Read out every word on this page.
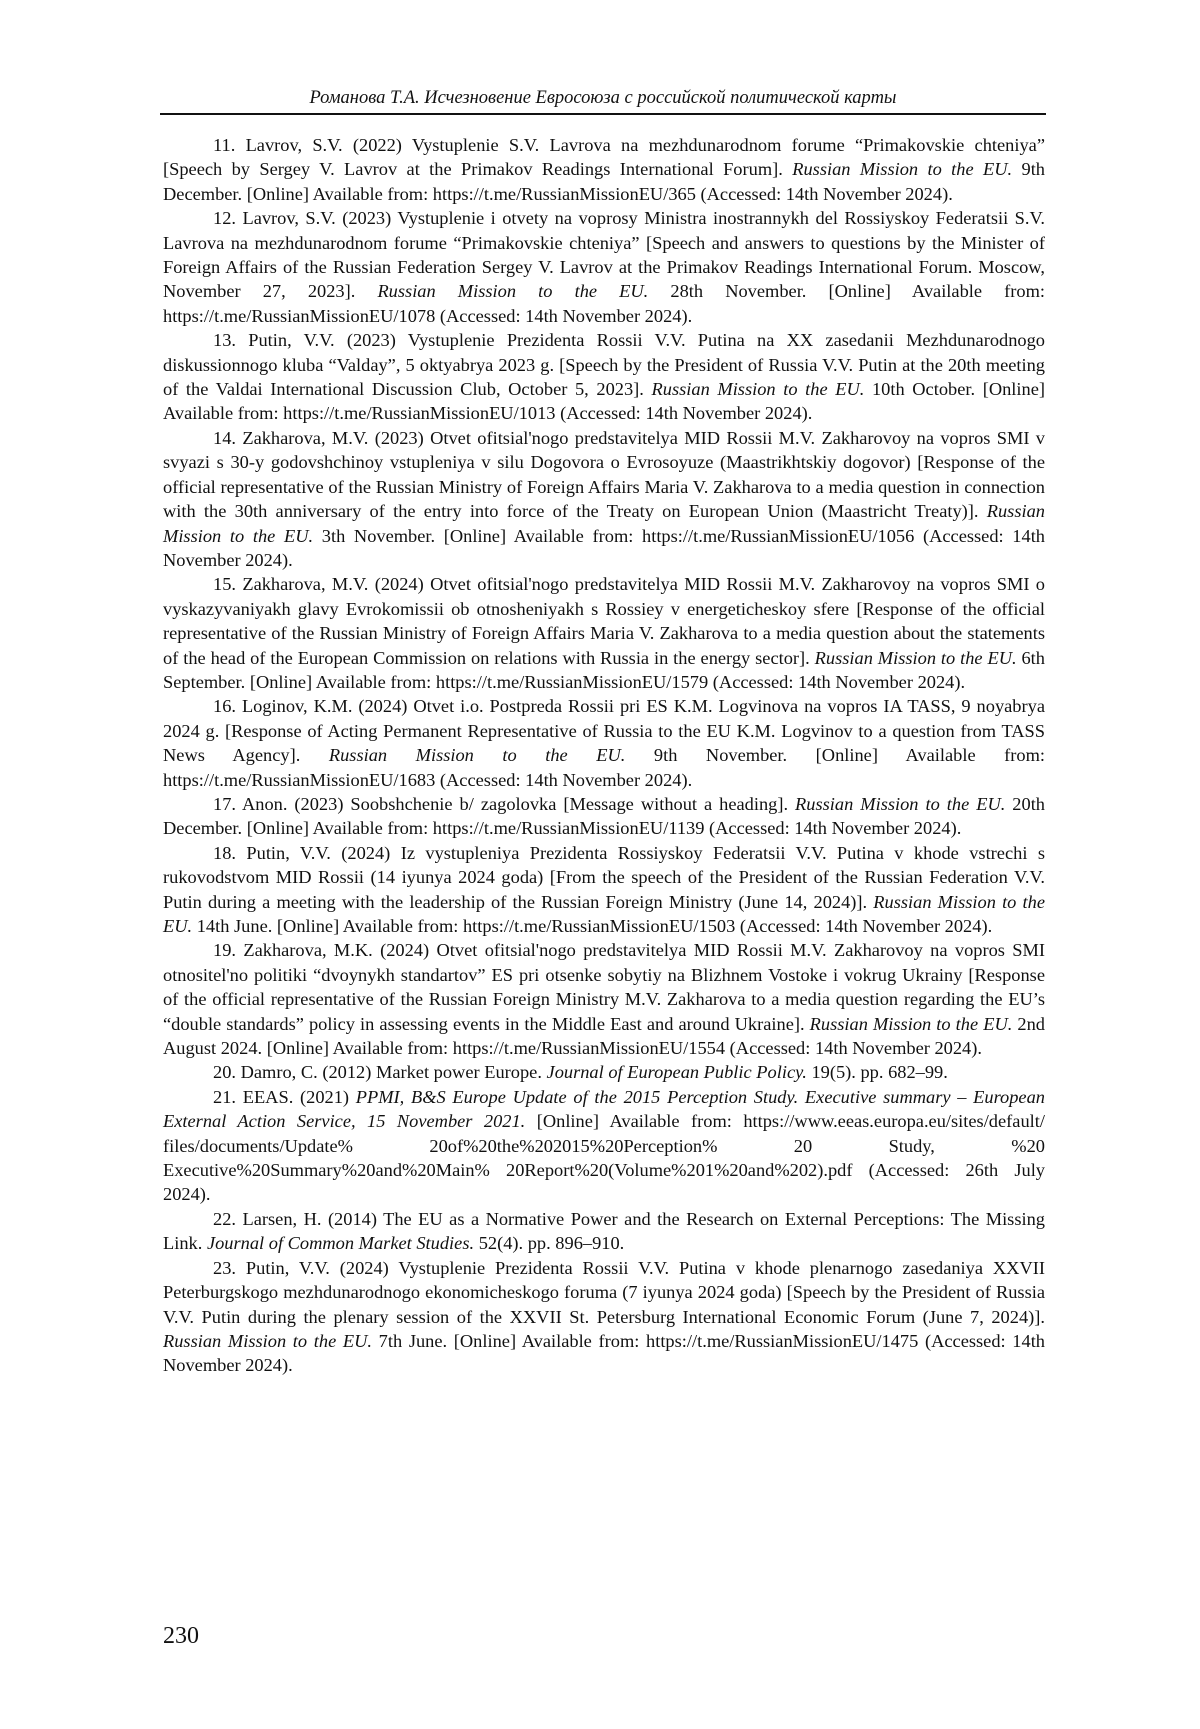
Романова Т.А. Исчезновение Евросоюза с российской политической карты

11. Lavrov, S.V. (2022) Vystuplenie S.V. Lavrova na mezhdunarodnom forume “Primakovskie chteniya” [Speech by Sergey V. Lavrov at the Primakov Readings International Forum]. Russian Mission to the EU. 9th December. [Online] Available from: https://t.me/RussianMissionEU/365 (Accessed: 14th November 2024).

12. Lavrov, S.V. (2023) Vystuplenie i otvety na voprosy Ministra inostrannykh del Rossiyskoy Federatsii S.V. Lavrova na mezhdunarodnom forume “Primakovskie chteniya” [Speech and answers to questions by the Minister of Foreign Affairs of the Russian Federation Sergey V. Lavrov at the Primakov Readings International Forum. Moscow, November 27, 2023]. Russian Mission to the EU. 28th November. [Online] Available from: https://t.me/RussianMissionEU/1078 (Accessed: 14th November 2024).

13. Putin, V.V. (2023) Vystuplenie Prezidenta Rossii V.V. Putina na XX zasedanii Mezhdunarodnogo diskussionnogo kluba “Valday”, 5 oktyabrya 2023 g. [Speech by the President of Russia V.V. Putin at the 20th meeting of the Valdai International Discussion Club, October 5, 2023]. Russian Mission to the EU. 10th October. [Online] Available from: https://t.me/RussianMissionEU/1013 (Accessed: 14th November 2024).

14. Zakharova, M.V. (2023) Otvet ofitsial'nogo predstavitelya MID Rossii M.V. Zakharovoy na vopros SMI v svyazi s 30-y godovshchinoy vstupleniya v silu Dogovora o Evrosoyuze (Maastrikhtskiy dogovor) [Response of the official representative of the Russian Ministry of Foreign Affairs Maria V. Zakharova to a media question in connection with the 30th anniversary of the entry into force of the Treaty on European Union (Maastricht Treaty)]. Russian Mission to the EU. 3th November. [Online] Available from: https://t.me/RussianMissionEU/1056 (Accessed: 14th November 2024).

15. Zakharova, M.V. (2024) Otvet ofitsial'nogo predstavitelya MID Rossii M.V. Zakharovoy na vopros SMI o vyskazyvaniyakh glavy Evrokomissii ob otnosheniyakh s Rossiey v energeticheskoy sfere [Response of the official representative of the Russian Ministry of Foreign Affairs Maria V. Zakharova to a media question about the statements of the head of the European Commission on relations with Russia in the energy sector]. Russian Mission to the EU. 6th September. [Online] Available from: https://t.me/RussianMissionEU/1579 (Accessed: 14th November 2024).

16. Loginov, K.M. (2024) Otvet i.o. Postpreda Rossii pri ES K.M. Logvinova na vopros IA TASS, 9 noyabrya 2024 g. [Response of Acting Permanent Representative of Russia to the EU K.M. Logvinov to a question from TASS News Agency]. Russian Mission to the EU. 9th November. [Online] Available from: https://t.me/RussianMissionEU/1683 (Accessed: 14th November 2024).

17. Anon. (2023) Soobshchenie b/ zagolovka [Message without a heading]. Russian Mission to the EU. 20th December. [Online] Available from: https://t.me/RussianMissionEU/1139 (Accessed: 14th November 2024).

18. Putin, V.V. (2024) Iz vystupleniya Prezidenta Rossiyskoy Federatsii V.V. Putina v khode vstrechi s rukovodstvom MID Rossii (14 iyunya 2024 goda) [From the speech of the President of the Russian Federation V.V. Putin during a meeting with the leadership of the Russian Foreign Ministry (June 14, 2024)]. Russian Mission to the EU. 14th June. [Online] Available from: https://t.me/RussianMissionEU/1503 (Accessed: 14th November 2024).

19. Zakharova, M.K. (2024) Otvet ofitsial'nogo predstavitelya MID Rossii M.V. Zakharovoy na vopros SMI otnositel'no politiki “dvoynykh standartov” ES pri otsenke sobytiy na Blizhnem Vostoke i vokrug Ukrainy [Response of the official representative of the Russian Foreign Ministry M.V. Zakharova to a media question regarding the EU’s “double standards” policy in assessing events in the Middle East and around Ukraine]. Russian Mission to the EU. 2nd August 2024. [Online] Available from: https://t.me/RussianMissionEU/1554 (Accessed: 14th November 2024).

20. Damro, C. (2012) Market power Europe. Journal of European Public Policy. 19(5). pp. 682–99.

21. EEAS. (2021) PPMI, B&S Europe Update of the 2015 Perception Study. Executive summary – European External Action Service, 15 November 2021. [Online] Available from: https://www.eeas.europa.eu/sites/default/ files/documents/Update% 20of%20the%202015%20Perception% 20 Study, %20 Executive%20Summary%20and%20Main% 20Report%20(Volume%201%20and%202).pdf (Accessed: 26th July 2024).

22. Larsen, H. (2014) The EU as a Normative Power and the Research on External Perceptions: The Missing Link. Journal of Common Market Studies. 52(4). pp. 896–910.

23. Putin, V.V. (2024) Vystuplenie Prezidenta Rossii V.V. Putina v khode plenarnogo zasedaniya XXVII Peterburgskogo mezhdunarodnogo ekonomicheskogo foruma (7 iyunya 2024 goda) [Speech by the President of Russia V.V. Putin during the plenary session of the XXVII St. Petersburg International Economic Forum (June 7, 2024)]. Russian Mission to the EU. 7th June. [Online] Available from: https://t.me/RussianMissionEU/1475 (Accessed: 14th November 2024).

230
